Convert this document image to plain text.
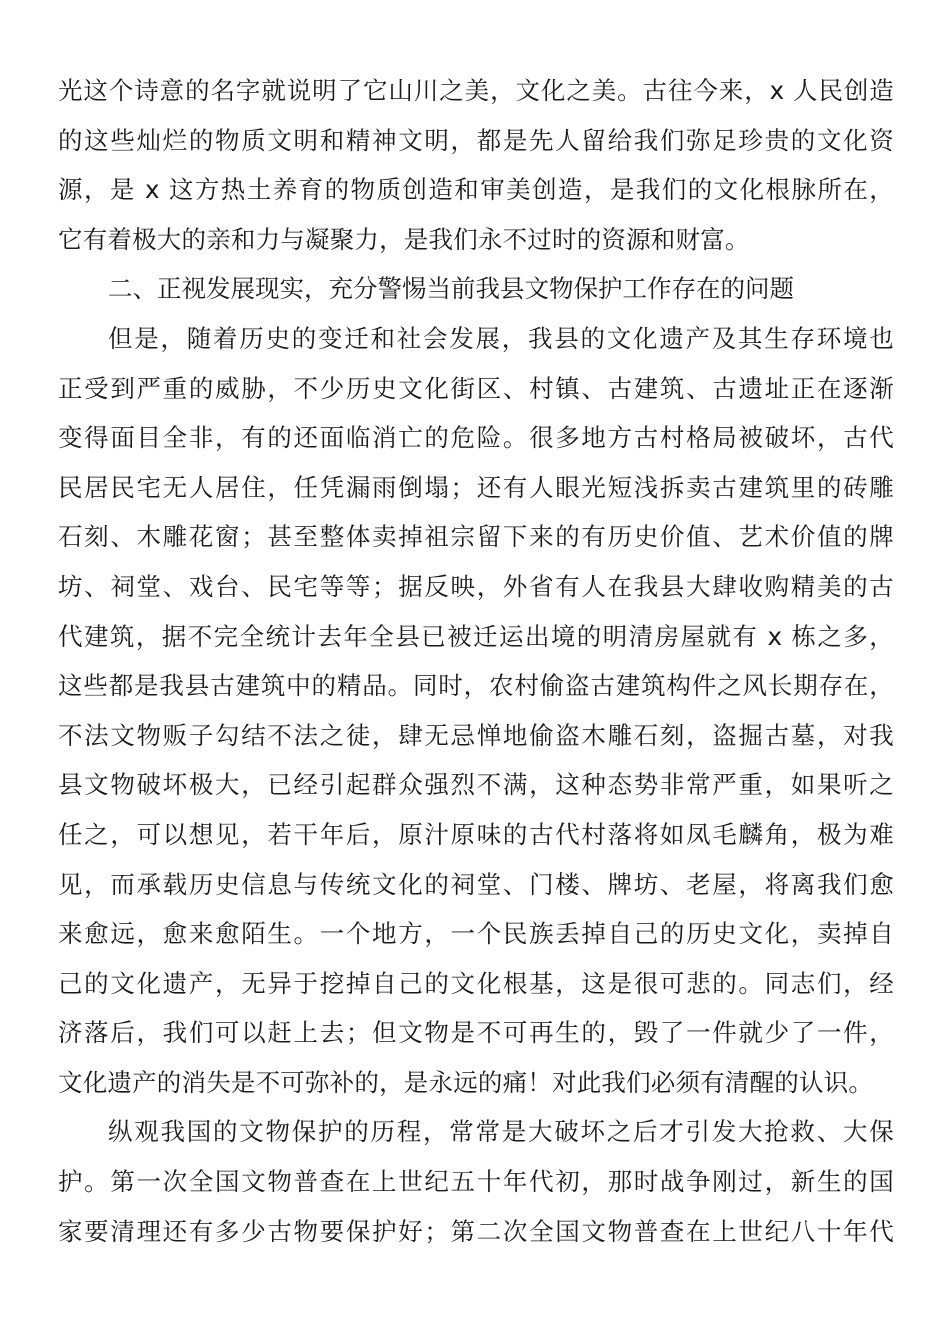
光这个诗意的名字就说明了它山川之美，文化之美。古往今来，x 人民创造
的这些灿烂的物质文明和精神文明，都是先人留给我们弥足珍贵的文化资
源，是 x 这方热土养育的物质创造和审美创造，是我们的文化根脉所在，
它有着极大的亲和力与凝聚力，是我们永不过时的资源和财富。
二、正视发展现实，充分警惕当前我县文物保护工作存在的问题
但是，随着历史的变迁和社会发展，我县的文化遗产及其生存环境也
正受到严重的威胁，不少历史文化街区、村镇、古建筑、古遗址正在逐渐
变得面目全非，有的还面临消亡的危险。很多地方古村格局被破坏，古代
民居民宅无人居住，任凭漏雨倒塌；还有人眼光短浅拆卖古建筑里的砖雕
石刻、木雕花窗；甚至整体卖掉祖宗留下来的有历史价值、艺术价值的牌
坊、祠堂、戏台、民宅等等；据反映，外省有人在我县大肆收购精美的古
代建筑，据不完全统计去年全县已被迁运出境的明清房屋就有 x 栋之多，
这些都是我县古建筑中的精品。同时，农村偷盗古建筑构件之风长期存在，
不法文物贩子勾结不法之徒，肆无忌惮地偷盗木雕石刻，盗掘古墓，对我
县文物破坏极大，已经引起群众强烈不满，这种态势非常严重，如果听之
任之，可以想见，若干年后，原汁原味的古代村落将如凤毛麟角，极为难
见，而承载历史信息与传统文化的祠堂、门楼、牌坊、老屋，将离我们愈
来愈远，愈来愈陌生。一个地方，一个民族丢掉自己的历史文化，卖掉自
己的文化遗产，无异于挖掉自己的文化根基，这是很可悲的。同志们，经
济落后，我们可以赶上去；但文物是不可再生的，毁了一件就少了一件，
文化遗产的消失是不可弥补的，是永远的痛！对此我们必须有清醒的认识。
纵观我国的文物保护的历程，常常是大破坏之后才引发大抢救、大保
护。第一次全国文物普查在上世纪五十年代初，那时战争刚过，新生的国
家要清理还有多少古物要保护好；第二次全国文物普查在上世纪八十年代
